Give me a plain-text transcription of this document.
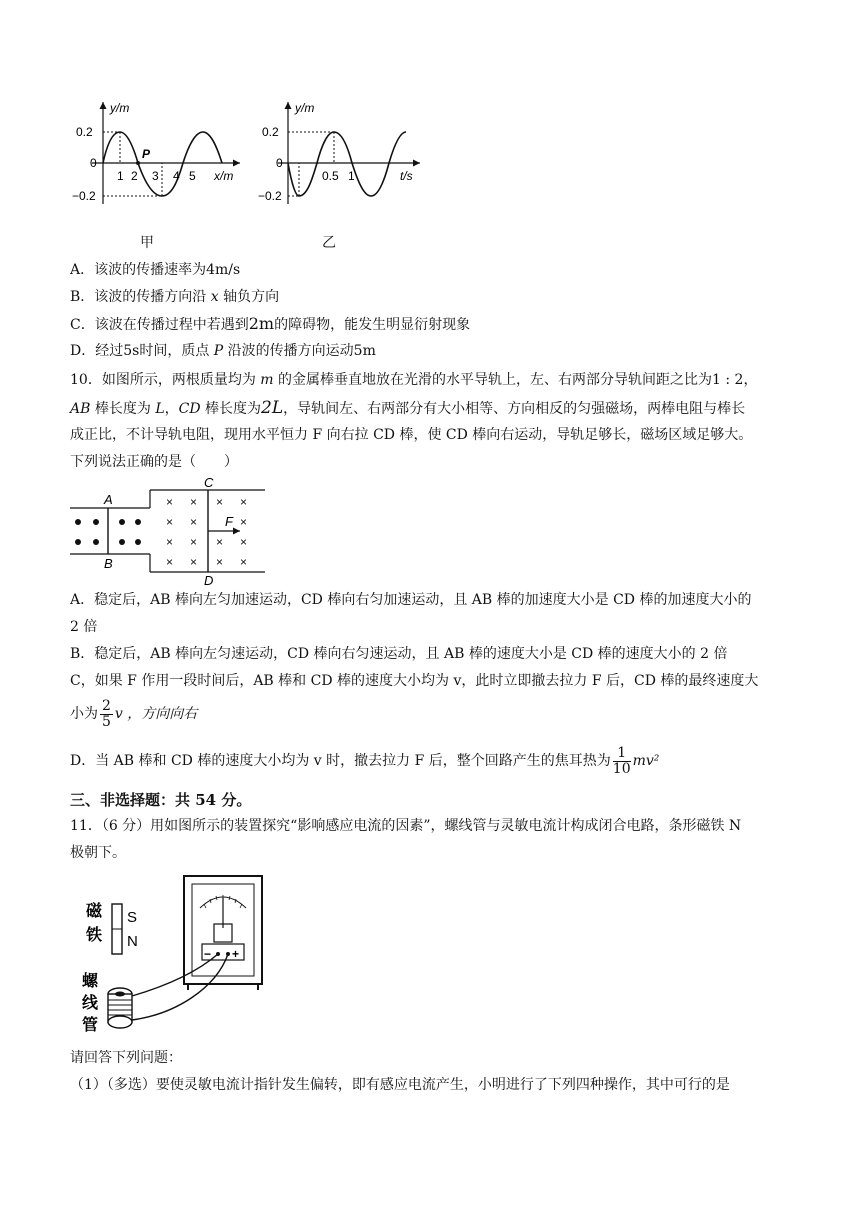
y/m
x/m
0.2
0
−0.2
P
1 2 3 4 5
甲
y/m
t/s
0.2
0
−0.2
0.5 1
乙
A．该波的传播速率为4m/s
B．该波的传播方向沿 x 轴负方向
C．该波在传播过程中若遇到2m的障碍物，能发生明显衍射现象
D．经过5s时间，质点 P 沿波的传播方向运动5m
10．如图所示，两根质量均为 m 的金属棒垂直地放在光滑的水平导轨上，左、右两部分导轨间距之比为1 : 2，
AB 棒长度为 L，CD 棒长度为2L，导轨间左、右两部分有大小相等、方向相反的匀强磁场，两棒电阻与棒长
成正比，不计导轨电阻，现用水平恒力 F 向右拉 CD 棒，使 CD 棒向右运动，导轨足够长，磁场区域足够大。
下列说法正确的是（　　）
A
B
× × × ×
× ×	×
× × × ×
× × × ×
C
D
F
A．稳定后，AB 棒向左匀加速运动，CD 棒向右匀加速运动，且 AB 棒的加速度大小是 CD 棒的加速度大小的
2 倍
B．稳定后，AB 棒向左匀速运动，CD 棒向右匀速运动，且 AB 棒的速度大小是 CD 棒的速度大小的 2 倍
C，如果 F 作用一段时间后，AB 棒和 CD 棒的速度大小均为 v，此时立即撤去拉力 F 后，CD 棒的最终速度大
小为 $\frac{2}{5}$ v ，方向向右
D．当 AB 棒和 CD 棒的速度大小均为 v 时，撤去拉力 F 后，整个回路产生的焦耳热为 $\frac{1}{10} mv^2$
三、非选择题：共 54 分。
11．（6 分）用如图所示的装置探究“影响感应电流的因素”，螺线管与灵敏电流计构成闭合电路，条形磁铁 N
极朝下。
磁
铁
S
N
− +
螺
线
管
请回答下列问题：
（1）（多选）要使灵敏电流计指针发生偏转，即有感应电流产生，小明进行了下列四种操作，其中可行的是
